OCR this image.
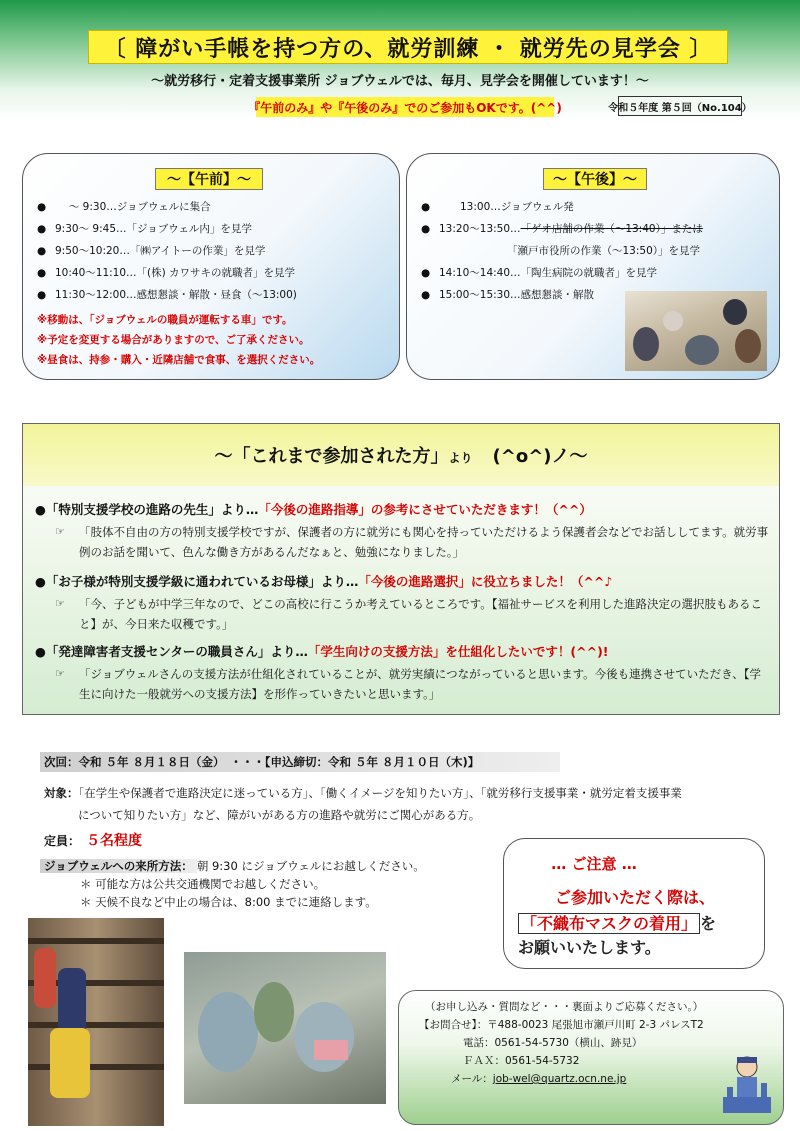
〔 障がい手帳を持つ方の、就労訓練 ・ 就労先の見学会 〕
～就労移行・定着支援事業所 ジョブウェルでは、毎月、見学会を開催しています！～
『午前のみ』や『午後のみ』でのご参加もOKです。(^^)	令和５年度 第５回（No.104）
～【午前】～
●　 ～ 9:30…ジョブウェルに集合
● 9:30～ 9:45…「ジョブウェル内」を見学
● 9:50～10:20…「㈱アイトーの作業」を見学
● 10:40～11:10…「(株) カワサキの就職者」を見学
● 11:30～12:00…感想懇談・解散・昼食（～13:00)
※移動は、「ジョブウェルの職員が運転する車」です。
※予定を変更する場合がありますので、ご了承ください。
※昼食は、持参・購入・近隣店舗で食事、を選択ください。
～【午後】～
●　　13:00…ジョブウェル発
● 13:20～13:50…「ゲオ店舗の作業（～13:40）」または
「瀬戸市役所の作業（～13:50）」を見学
● 14:10～14:40…「陶生病院の就職者」を見学
● 15:00～15:30…感想懇談・解散
～「これまで参加された方」より (^o^)ノ～
●「特別支援学校の進路の先生」より…「今後の進路指導」の参考にさせていただきます！（^^）
☞ 「肢体不自由の方の特別支援学校ですが、保護者の方に就労にも関心を持っていただけるよう保護者会などでお話ししてます。就労事例のお話を聞いて、色んな働き方があるんだなぁと、勉強になりました。」
●「お子様が特別支援学級に通われているお母様」より…「今後の進路選択」に役立ちました！（^^♪
☞ 「今、子どもが中学三年なので、どこの高校に行こうか考えているところです。【福祉サービスを利用した進路決定の選択肢もあること】が、今日来た収穫です。」
●「発達障害者支援センターの職員さん」より…「学生向けの支援方法」を仕組化したいです！(^^)!
☞ 「ジョブウェルさんの支援方法が仕組化されていることが、就労実績につながっていると思います。今後も連携させていただき、【学生に向けた一般就労への支援方法】を形作っていきたいと思います。」
次回：令和 ５年 ８月１８日（金）　・・・【申込締切：令和 ５年 ８月１０日（木)】
対象：「在学生や保護者で進路決定に迷っている方」、「働くイメージを知りたい方」、「就労移行支援事業・就労定着支援事業
について知りたい方」など、障がいがある方の進路や就労にご関心がある方。
定員： ５名程度
ジョブウェルへの来所方法： 朝 9:30 にジョブウェルにお越しください。
＊ 可能な方は公共交通機関でお越しください。
＊ 天候不良など中止の場合は、8:00 までに連絡します。
… ご注意 …
ご参加いただく際は、
「不織布マスクの着用」 を
お願いいたします。
（お申し込み・質問など・・・裏面よりご応募ください。）
【お問合せ】：〒488-0023 尾張旭市瀬戸川町 2-3 パレスT2
電話：0561-54-5730（横山、跡見）
ＦＡＸ：0561-54-5732
メール：job-wel@quartz.ocn.ne.jp
